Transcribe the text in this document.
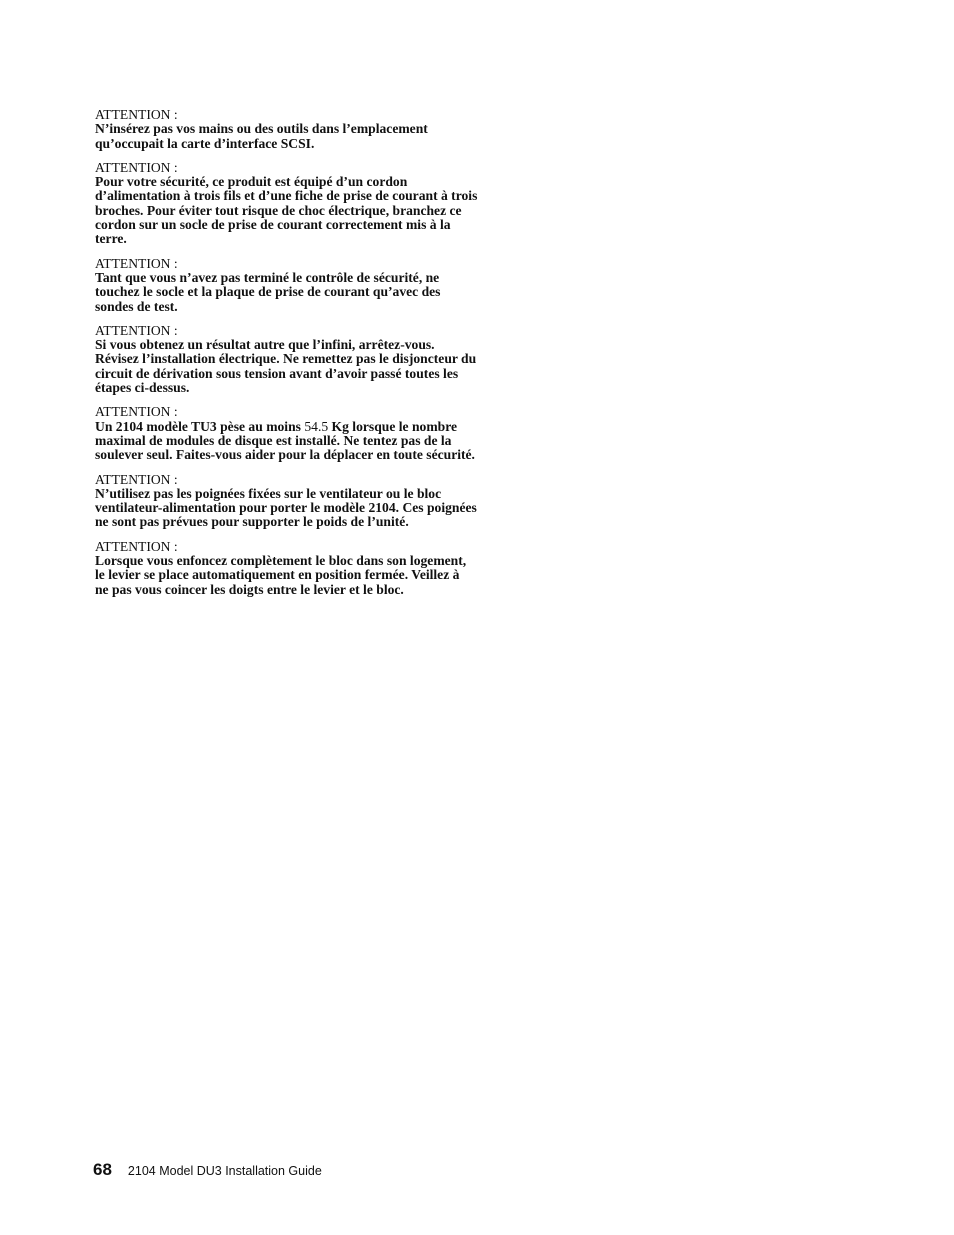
ATTENTION :

N’insérez pas vos mains ou des outils dans l’emplacement
qu’occupait la carte d’interface SCSI.

ATTENTION :

Pour votre sécurité, ce produit est équipé d’un cordon
d’alimentation à trois fils et d’une fiche de prise de courant à trois
broches. Pour éviter tout risque de choc électrique, branchez ce
cordon sur un socle de prise de courant correctement mis à la
terre.

ATTENTION :

Tant que vous n’avez pas terminé le contrôle de sécurité, ne
touchez le socle et la plaque de prise de courant qu’avec des
sondes de test.

ATTENTION :

Si vous obtenez un résultat autre que l’infini, arrêtez-vous.
Révisez l’installation électrique. Ne remettez pas le disjoncteur du
circuit de dérivation sous tension avant d’avoir passé toutes les
étapes ci-dessus.

ATTENTION :

Un 2104 modèle TU3 pèse au moins 54.5 Kg lorsque le nombre
maximal de modules de disque est installé. Ne tentez pas de la
soulever seul. Faites-vous aider pour la déplacer en toute sécurité.

ATTENTION :

N’utilisez pas les poignées fixées sur le ventilateur ou le bloc
ventilateur-alimentation pour porter le modèle 2104. Ces poignées
ne sont pas prévues pour supporter le poids de l’unité.

ATTENTION :

Lorsque vous enfoncez complètement le bloc dans son logement,
le levier se place automatiquement en position fermée. Veillez à
ne pas vous coincer les doigts entre le levier et le bloc.

68 2104 Model DU3 Installation Guide
